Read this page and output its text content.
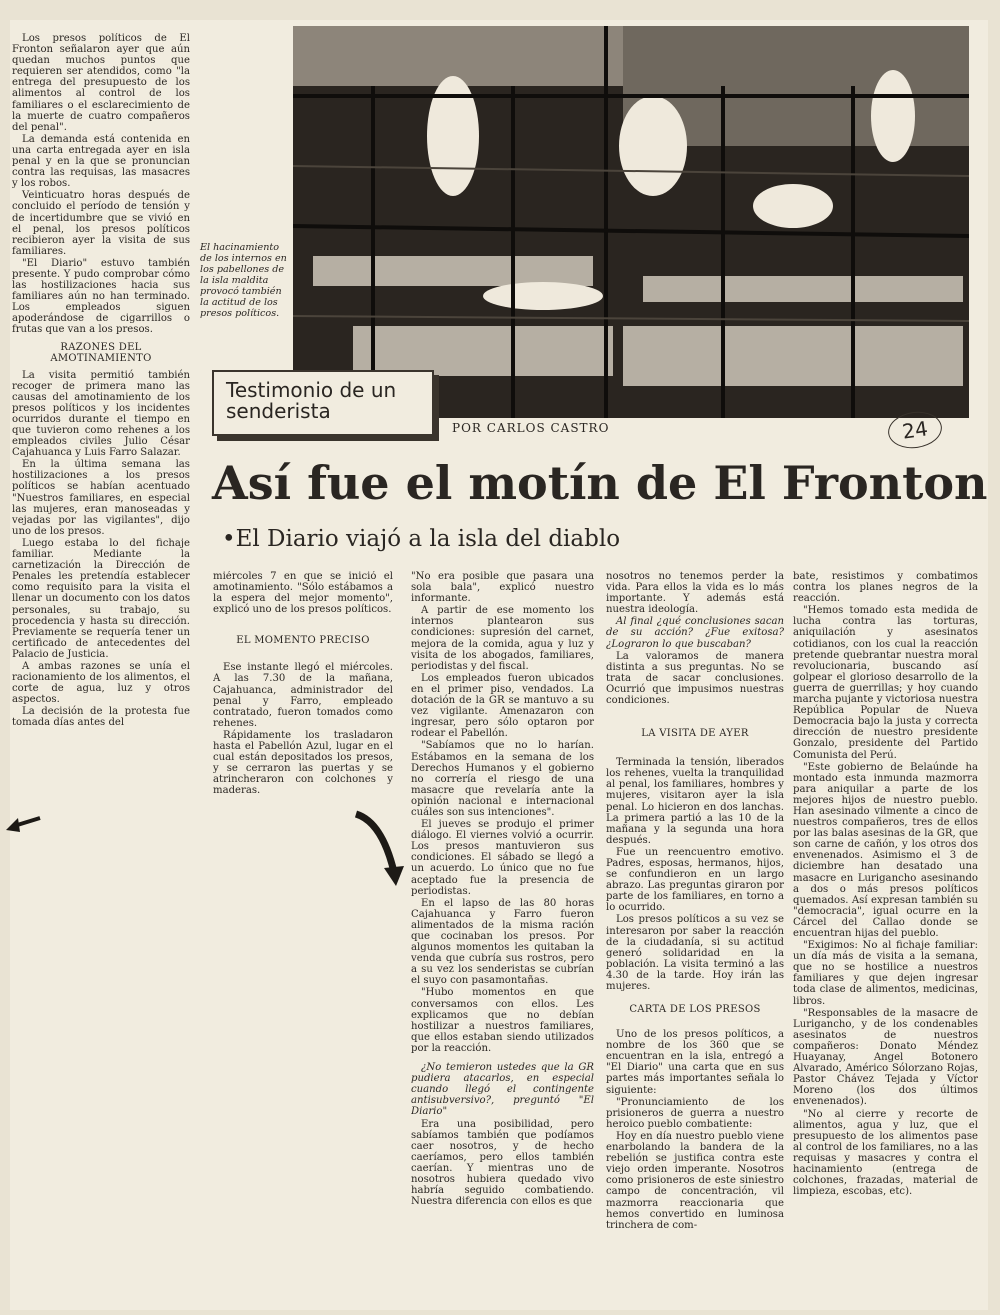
Los presos políticos de El Fronton señalaron ayer que aún quedan muchos puntos que requieren ser atendidos, como "la entrega del presupuesto de los alimentos al control de los familiares o el esclarecimiento de la muerte de cuatro compañeros del penal".

La demanda está contenida en una carta entregada ayer en isla penal y en la que se pronuncian contra las requisas, las masacres y los robos.

Veinticuatro horas después de concluido el período de tensión y de incertidumbre que se vivió en el penal, los presos políticos recibieron ayer la visita de sus familiares.

"El Diario" estuvo también presente. Y pudo comprobar cómo las hostilizaciones hacia sus familiares aún no han terminado. Los empleados siguen apoderándose de cigarrillos o frutas que van a los presos.

RAZONES DEL AMOTINAMIENTO

La visita permitió también recoger de primera mano las causas del amotinamiento de los presos políticos y los incidentes ocurridos durante el tiempo en que tuvieron como rehenes a los empleados civiles Julio César Cajahuanca y Luis Farro Salazar.

En la última semana las hostilizaciones a los presos políticos se habían acentuado "Nuestros familiares, en especial las mujeres, eran manoseadas y vejadas por las vigilantes", dijo uno de los presos.

Luego estaba lo del fichaje familiar. Mediante la carnetización la Dirección de Penales les pretendía establecer como requisito para la visita el llenar un documento con los datos personales, su trabajo, su procedencia y hasta su dirección. Previamente se requería tener un certificado de antecedentes del Palacio de Justicia.

A ambas razones se unía el racionamiento de los alimentos, el corte de agua, luz y otros aspectos.

La decisión de la protesta fue tomada días antes del

El hacinamiento de los internos en los pabellones de la isla maldita provocó también la actitud de los presos políticos.
Testimonio de un senderista
POR CARLOS CASTRO	24
Así fue el motín de El Fronton
•El Diario viajó a la isla del diablo

miércoles 7 en que se inició el amotinamiento. "Sólo estábamos a la espera del mejor momento", explicó uno de los presos políticos.

EL MOMENTO PRECISO

Ese instante llegó el miércoles. A las 7.30 de la mañana, Cajahuanca, administrador del penal y Farro, empleado contratado, fueron tomados como rehenes.

Rápidamente los trasladaron hasta el Pabellón Azul, lugar en el cual están depositados los presos, y se cerraron las puertas y se atrincheraron con colchones y maderas.

"No era posible que pasara una sola bala", explicó nuestro informante.

A partir de ese momento los internos plantearon sus condiciones: supresión del carnet, mejora de la comida, agua y luz y visita de los abogados, familiares, periodistas y del fiscal.

Los empleados fueron ubicados en el primer piso, vendados. La dotación de la GR se mantuvo a su vez vigilante. Amenazaron con ingresar, pero sólo optaron por rodear el Pabellón.

"Sabíamos que no lo harían. Estábamos en la semana de los Derechos Humanos y el gobierno no correría el riesgo de una masacre que revelaría ante la opinión nacional e internacional cuáles son sus intenciones".

El jueves se produjo el primer diálogo. El viernes volvió a ocurrir. Los presos mantuvieron sus condiciones. El sábado se llegó a un acuerdo. Lo único que no fue aceptado fue la presencia de periodistas.

En el lapso de las 80 horas Cajahuanca y Farro fueron alimentados de la misma ración que cocinaban los presos. Por algunos momentos les quitaban la venda que cubría sus rostros, pero a su vez los senderistas se cubrían el suyo con pasamontañas.

"Hubo momentos en que conversamos con ellos. Les explicamos que no debían hostilizar a nuestros familiares, que ellos estaban siendo utilizados por la reacción.

¿No temieron ustedes que la GR pudiera atacarlos, en especial cuando llegó el contingente antisubversivo?, preguntó "El Diario"

Era una posibilidad, pero sabíamos también que podíamos caer nosotros, y de hecho caeríamos, pero ellos también caerían. Y mientras uno de nosotros hubiera quedado vivo habría seguido combatiendo. Nuestra diferencia con ellos es que

nosotros no tenemos perder la vida. Para ellos la vida es lo más importante. Y además está nuestra ideología.

Al final ¿qué conclusiones sacan de su acción? ¿Fue exitosa? ¿Lograron lo que buscaban?

La valoramos de manera distinta a sus preguntas. No se trata de sacar conclusiones. Ocurrió que impusimos nuestras condiciones.

LA VISITA DE AYER

Terminada la tensión, liberados los rehenes, vuelta la tranquilidad al penal, los familiares, hombres y mujeres, visitaron ayer la isla penal. Lo hicieron en dos lanchas. La primera partió a las 10 de la mañana y la segunda una hora después.

Fue un reencuentro emotivo. Padres, esposas, hermanos, hijos, se confundieron en un largo abrazo. Las preguntas giraron por parte de los familiares, en torno a lo ocurrido.

Los presos políticos a su vez se interesaron por saber la reacción de la ciudadanía, si su actitud generó solidaridad en la población. La visita terminó a las 4.30 de la tarde. Hoy irán las mujeres.

CARTA DE LOS PRESOS

Uno de los presos políticos, a nombre de los 360 que se encuentran en la isla, entregó a "El Diario" una carta que en sus partes más importantes señala lo siguiente:

"Pronunciamiento de los prisioneros de guerra a nuestro heroico pueblo combatiente:

Hoy en día nuestro pueblo viene enarbolando la bandera de la rebelión se justifica contra este viejo orden imperante. Nosotros como prisioneros de este siniestro campo de concentración, vil mazmorra reaccionaria que hemos convertido en luminosa trinchera de com-

bate, resistimos y combatimos contra los planes negros de la reacción.

"Hemos tomado esta medida de lucha contra las torturas, aniquilación y asesinatos cotidianos, con los cual la reacción pretende quebrantar nuestra moral revolucionaria, buscando así golpear el glorioso desarrollo de la guerra de guerrillas; y hoy cuando marcha pujante y victoriosa nuestra República Popular de Nueva Democracia bajo la justa y correcta dirección de nuestro presidente Gonzalo, presidente del Partido Comunista del Perú.

"Este gobierno de Belaúnde ha montado esta inmunda mazmorra para aniquilar a parte de los mejores hijos de nuestro pueblo. Han asesinado vilmente a cinco de nuestros compañeros, tres de ellos por las balas asesinas de la GR, que son carne de cañón, y los otros dos envenenados. Asimismo el 3 de diciembre han desatado una masacre en Lurigancho asesinando a dos o más presos políticos quemados. Así expresan también su "democracia", igual ocurre en la Cárcel del Callao donde se encuentran hijas del pueblo.

"Exigimos: No al fichaje familiar: un día más de visita a la semana, que no se hostilice a nuestros familiares y que dejen ingresar toda clase de alimentos, medicinas, libros.

"Responsables de la masacre de Lurigancho, y de los condenables asesinatos de nuestros compañeros: Donato Méndez Huayanay, Angel Botonero Alvarado, Américo Sólorzano Rojas, Pastor Chávez Tejada y Víctor Moreno (los dos últimos envenenados).

"No al cierre y recorte de alimentos, agua y luz, que el presupuesto de los alimentos pase al control de los familiares, no a las requisas y masacres y contra el hacinamiento (entrega de colchones, frazadas, material de limpieza, escobas, etc).
